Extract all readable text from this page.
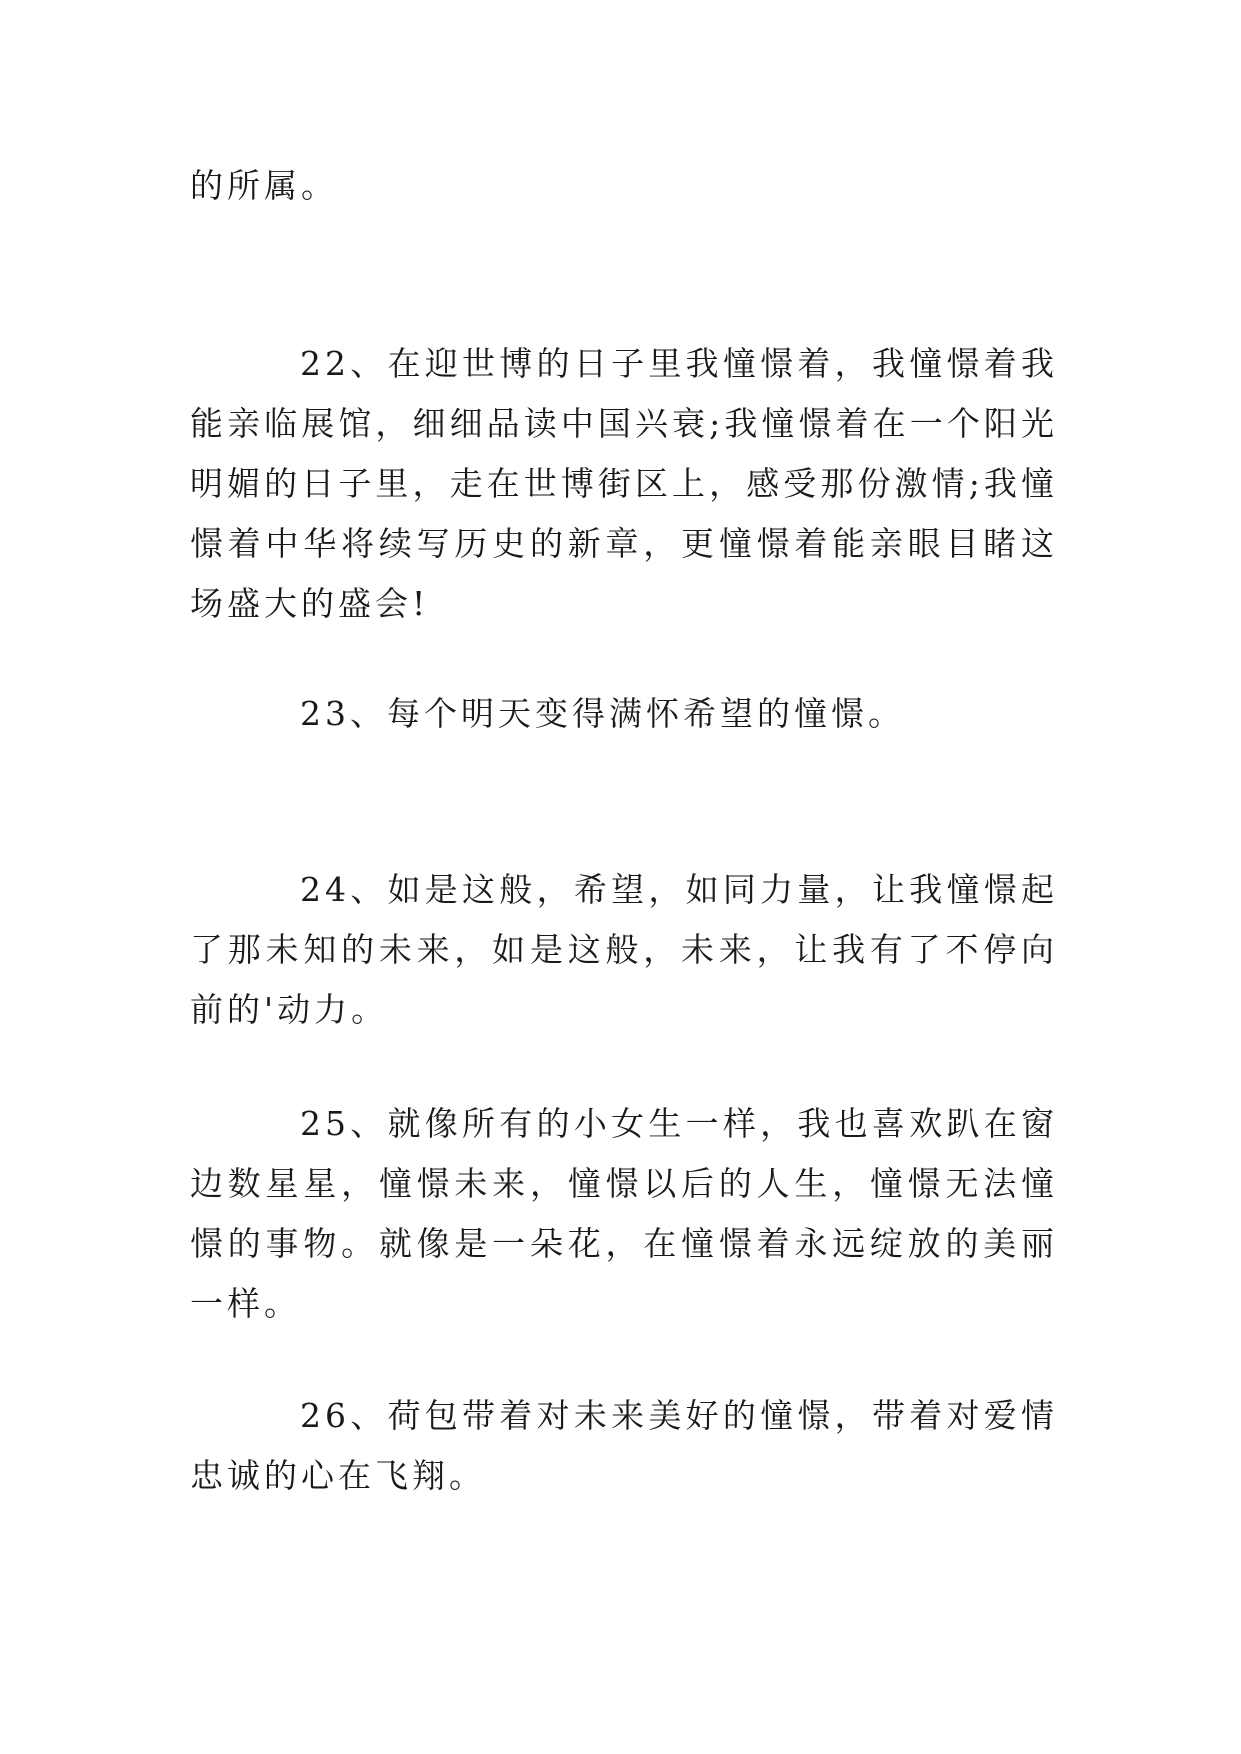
的所属。

22、在迎世博的日子里我憧憬着，我憧憬着我能亲临展馆，细细品读中国兴衰;我憧憬着在一个阳光明媚的日子里，走在世博街区上，感受那份激情;我憧憬着中华将续写历史的新章，更憧憬着能亲眼目睹这场盛大的盛会!

23、每个明天变得满怀希望的憧憬。

24、如是这般，希望，如同力量，让我憧憬起了那未知的未来，如是这般，未来，让我有了不停向前的'动力。

25、就像所有的小女生一样，我也喜欢趴在窗边数星星，憧憬未来，憧憬以后的人生，憧憬无法憧憬的事物。就像是一朵花，在憧憬着永远绽放的美丽一样。

26、荷包带着对未来美好的憧憬，带着对爱情忠诚的心在飞翔。
